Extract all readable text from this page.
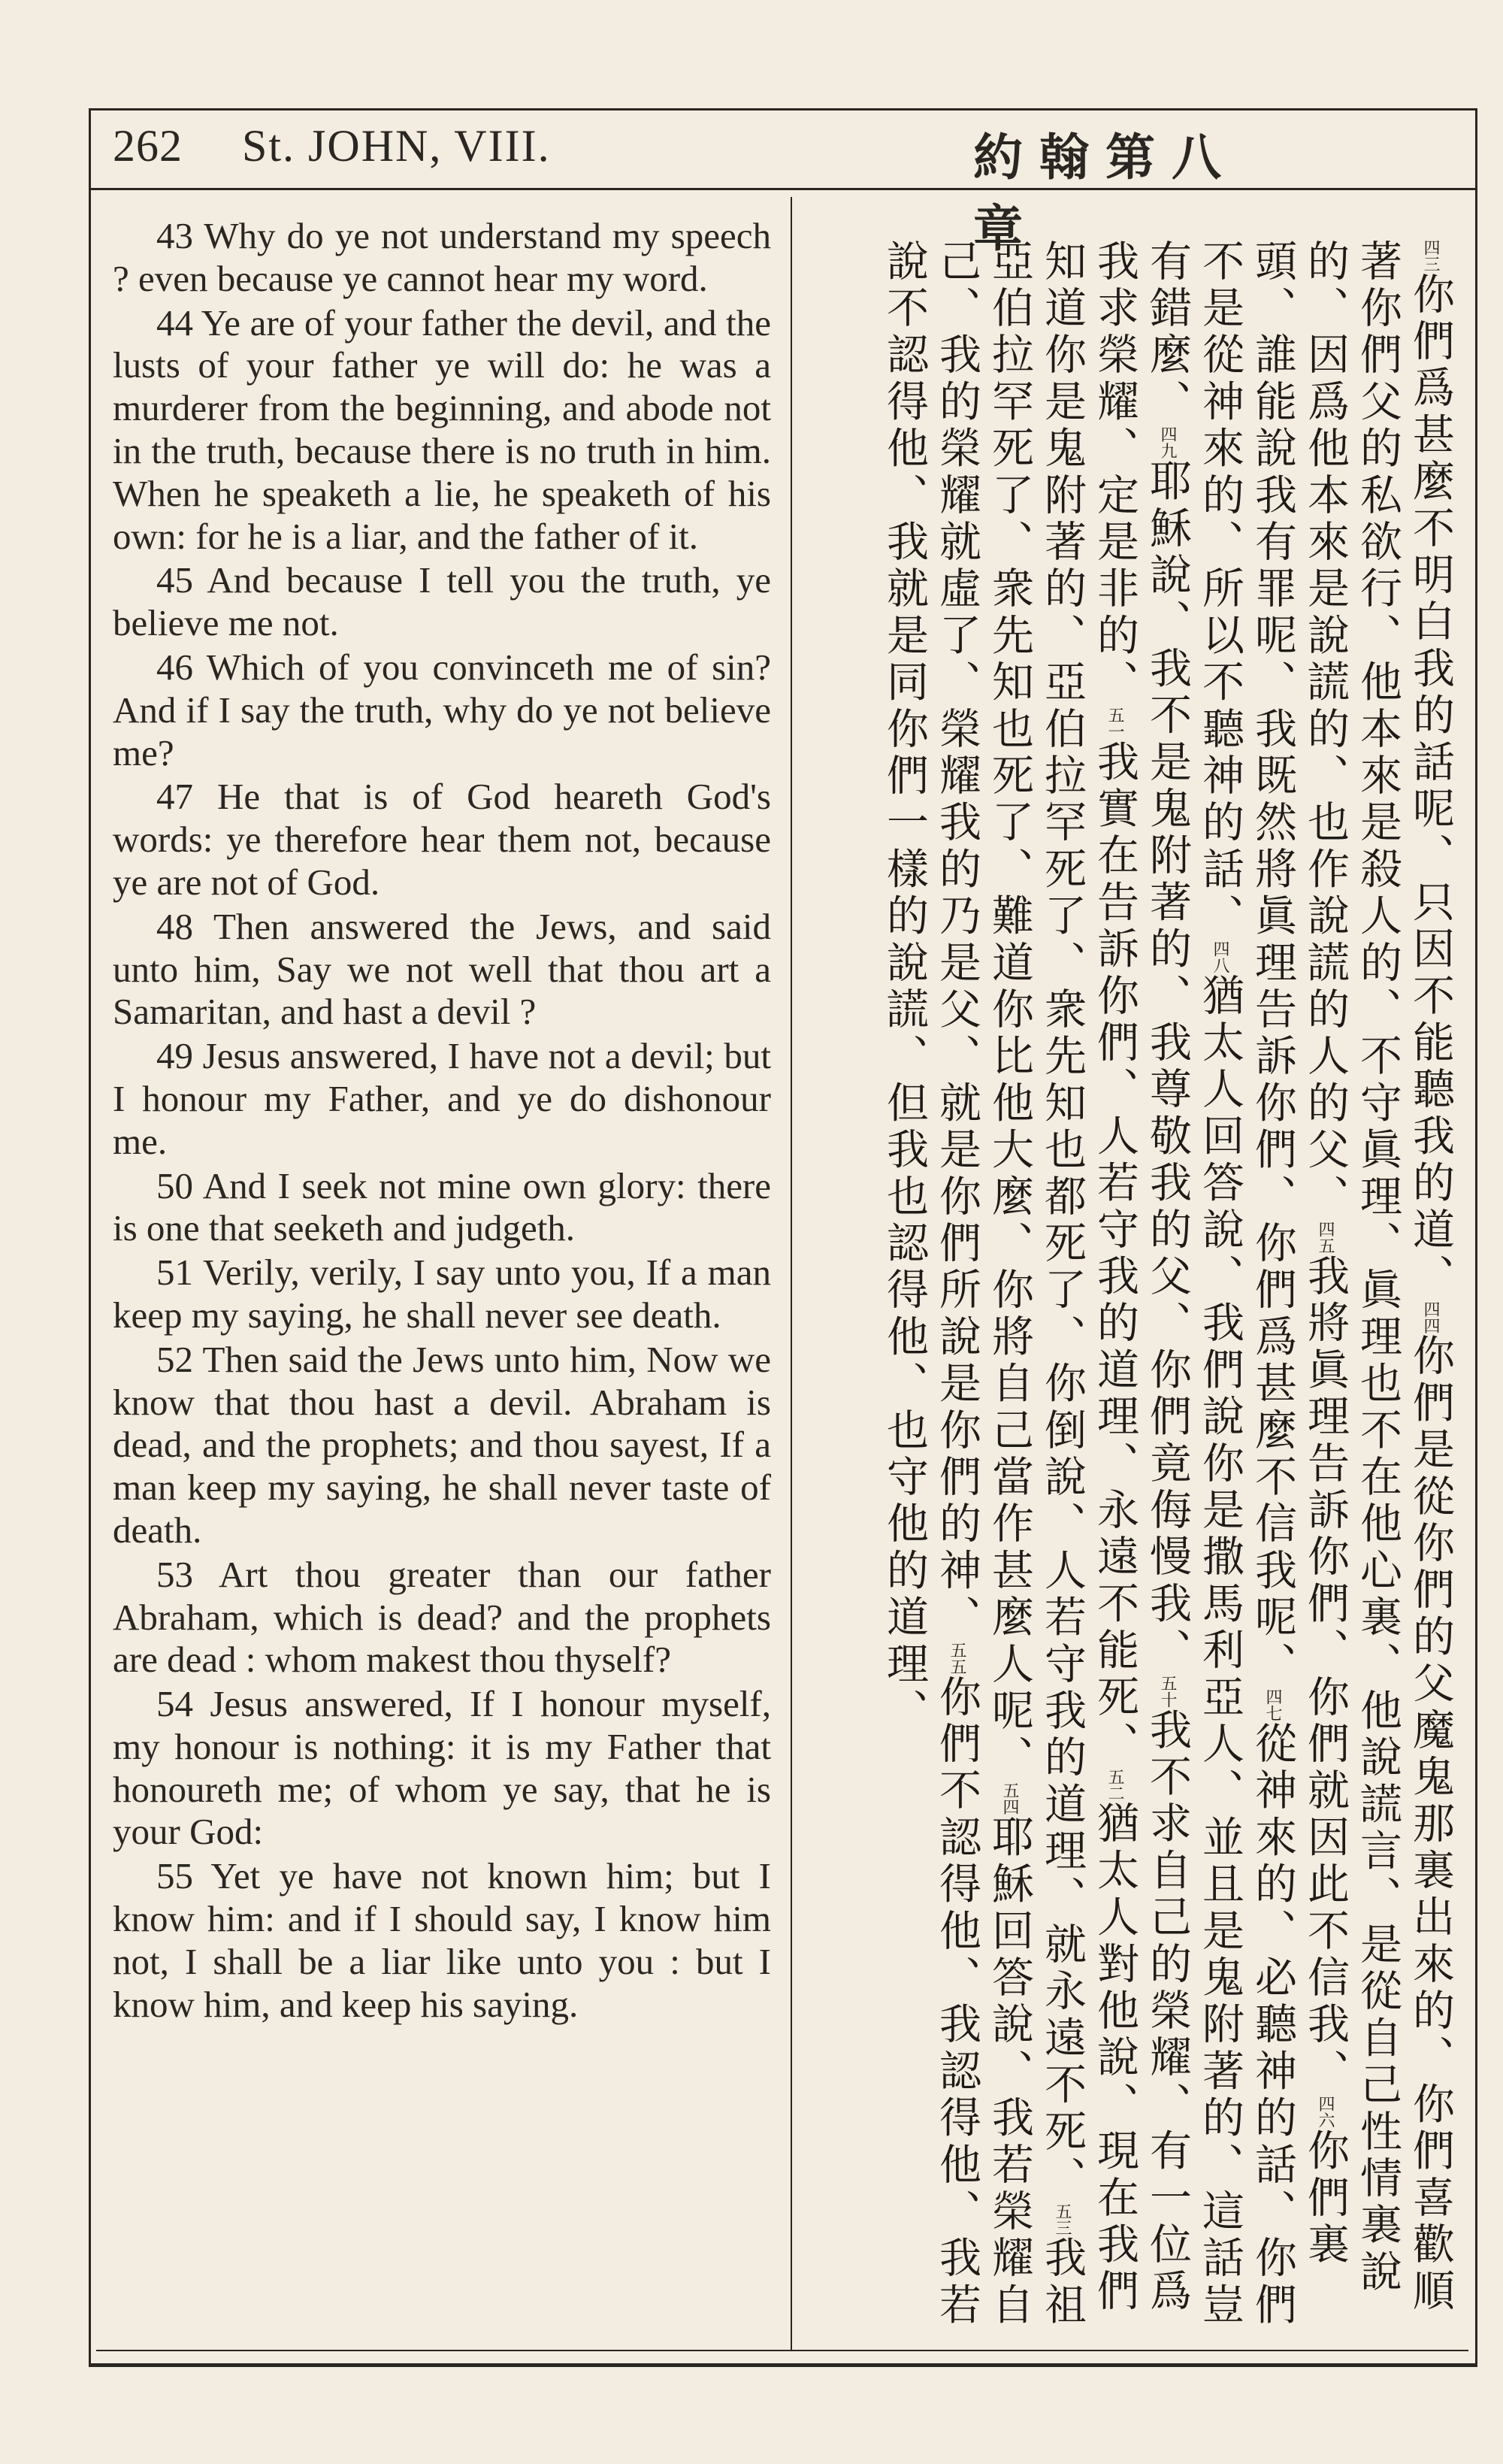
262 St. JOHN, VIII.	約翰第八章

43 Why do ye not understand my speech ? even because ye cannot hear my word.

44 Ye are of your father the devil, and the lusts of your father ye will do: he was a murderer from the beginning, and abode not in the truth, because there is no truth in him. When he speaketh a lie, he speaketh of his own: for he is a liar, and the father of it.

45 And because I tell you the truth, ye believe me not.

46 Which of you convinceth me of sin? And if I say the truth, why do ye not believe me?

47 He that is of God heareth God's words: ye therefore hear them not, because ye are not of God.

48 Then answered the Jews, and said unto him, Say we not well that thou art a Samaritan, and hast a devil ?

49 Jesus answered, I have not a devil; but I honour my Father, and ye do dishonour me.

50 And I seek not mine own glory: there is one that seeketh and judgeth.

51 Verily, verily, I say unto you, If a man keep my saying, he shall never see death.

52 Then said the Jews unto him, Now we know that thou hast a devil. Abraham is dead, and the prophets; and thou sayest, If a man keep my saying, he shall never taste of death.

53 Art thou greater than our father Abraham, which is dead? and the prophets are dead : whom makest thou thyself?

54 Jesus answered, If I honour myself, my honour is nothing: it is my Father that honoureth me; of whom ye say, that he is your God:

55 Yet ye have not known him; but I know him: and if I should say, I know him not, I shall be a liar like unto you : but I know him, and keep his saying.

四三你們爲甚麼不明白我的話呢、只因不能聽我的道、四四你們是從你們的父魔鬼那裏出來的、你們喜歡順著你們父的私欲行、他本來是殺人的、不守眞理、眞理也不在他心裏、他說謊言、是從自己性情裏說的、因爲他本來是說謊的、也作說謊的人的父、四五我將眞理告訴你們、你們就因此不信我、四六你們裏頭、誰能說我有罪呢、我既然將眞理告訴你們、你們爲甚麼不信我呢、四七從神來的、必聽神的話、你們不是從神來的、所以不聽神的話、四八猶太人回答說、我們說你是撒馬利亞人、並且是鬼附著的、這話豈有錯麼、四九耶穌說、我不是鬼附著的、我尊敬我的父、你們竟侮慢我、五十我不求自己的榮耀、有一位爲我求榮耀、定是非的、五一我實在告訴你們、人若守我的道理、永遠不能死、五二猶太人對他說、現在我們知道你是鬼附著的、亞伯拉罕死了、衆先知也都死了、你倒說、人若守我的道理、就永遠不死、五三我祖亞伯拉罕死了、衆先知也死了、難道你比他大麼、你將自己當作甚麼人呢、五四耶穌回答說、我若榮耀自己、我的榮耀就虛了、榮耀我的乃是父、就是你們所說是你們的神、五五你們不認得他、我認得他、我若說不認得他、我就是同你們一樣的說謊、但我也認得他、也守他的道理、
